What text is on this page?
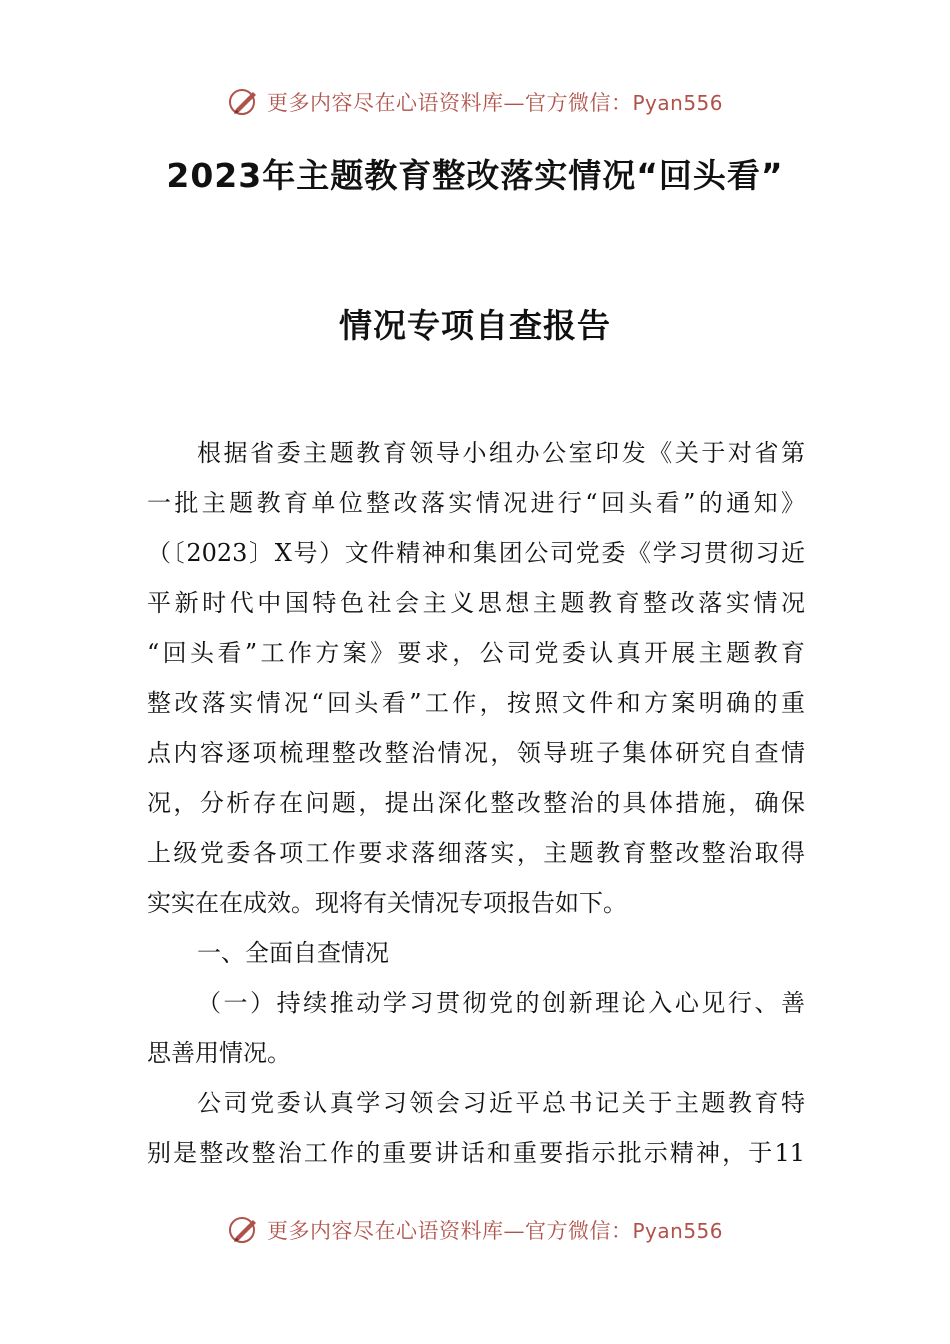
更多内容尽在心语资料库—官方微信：Pyan556
2023年主题教育整改落实情况“回头看”
情况专项自查报告
根据省委主题教育领导小组办公室印发《关于对省第
一批主题教育单位整改落实情况进行“回头看”的通知》
（〔2023〕X号）文件精神和集团公司党委《学习贯彻习近
平新时代中国特色社会主义思想主题教育整改落实情况
“回头看”工作方案》要求，公司党委认真开展主题教育
整改落实情况“回头看”工作，按照文件和方案明确的重
点内容逐项梳理整改整治情况，领导班子集体研究自查情
况，分析存在问题，提出深化整改整治的具体措施，确保
上级党委各项工作要求落细落实，主题教育整改整治取得
实实在在成效。现将有关情况专项报告如下。
一、全面自查情况
（一）持续推动学习贯彻党的创新理论入心见行、善
思善用情况。
公司党委认真学习领会习近平总书记关于主题教育特
别是整改整治工作的重要讲话和重要指示批示精神，于11
更多内容尽在心语资料库—官方微信：Pyan556
